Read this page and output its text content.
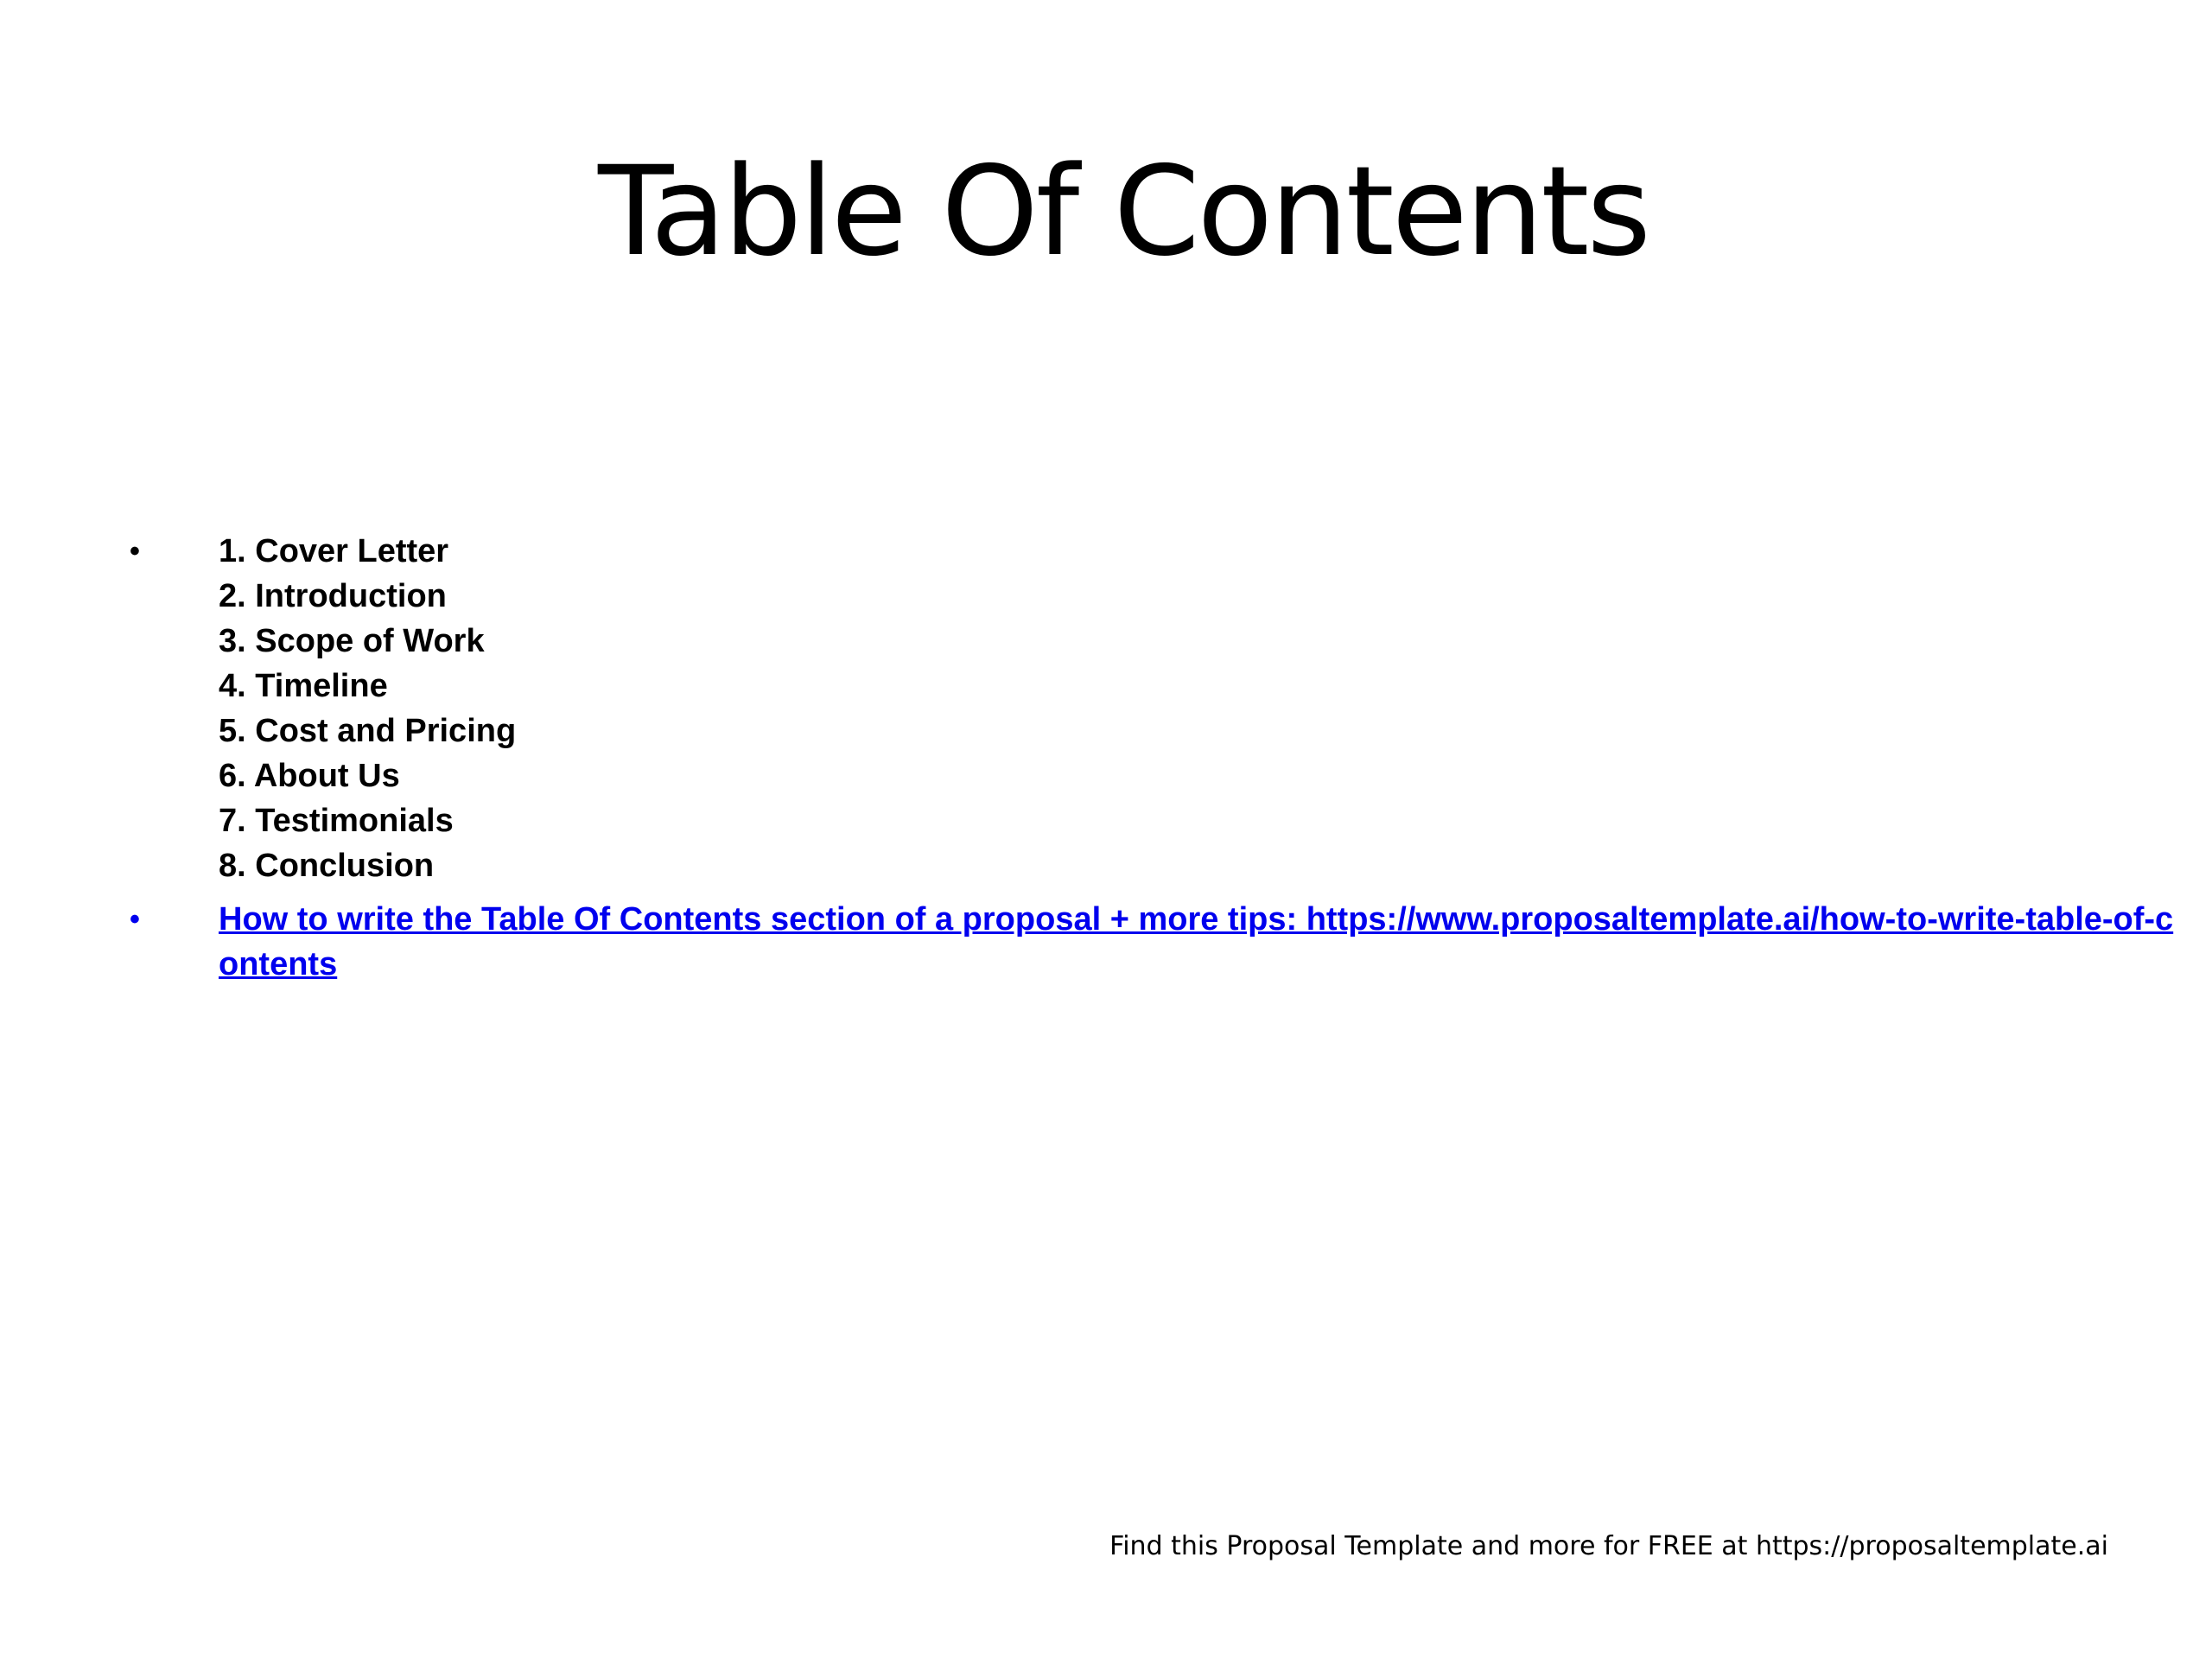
Table Of Contents
•	1. Cover Letter
2. Introduction
3. Scope of Work
4. Timeline
5. Cost and Pricing
6. About Us
7. Testimonials
8. Conclusion
•	How to write the Table Of Contents section of a proposal + more tips: https://www.proposaltemplate.ai/how-to-write-table-of-contents
Find this Proposal Template and more for FREE at https://proposaltemplate.ai
